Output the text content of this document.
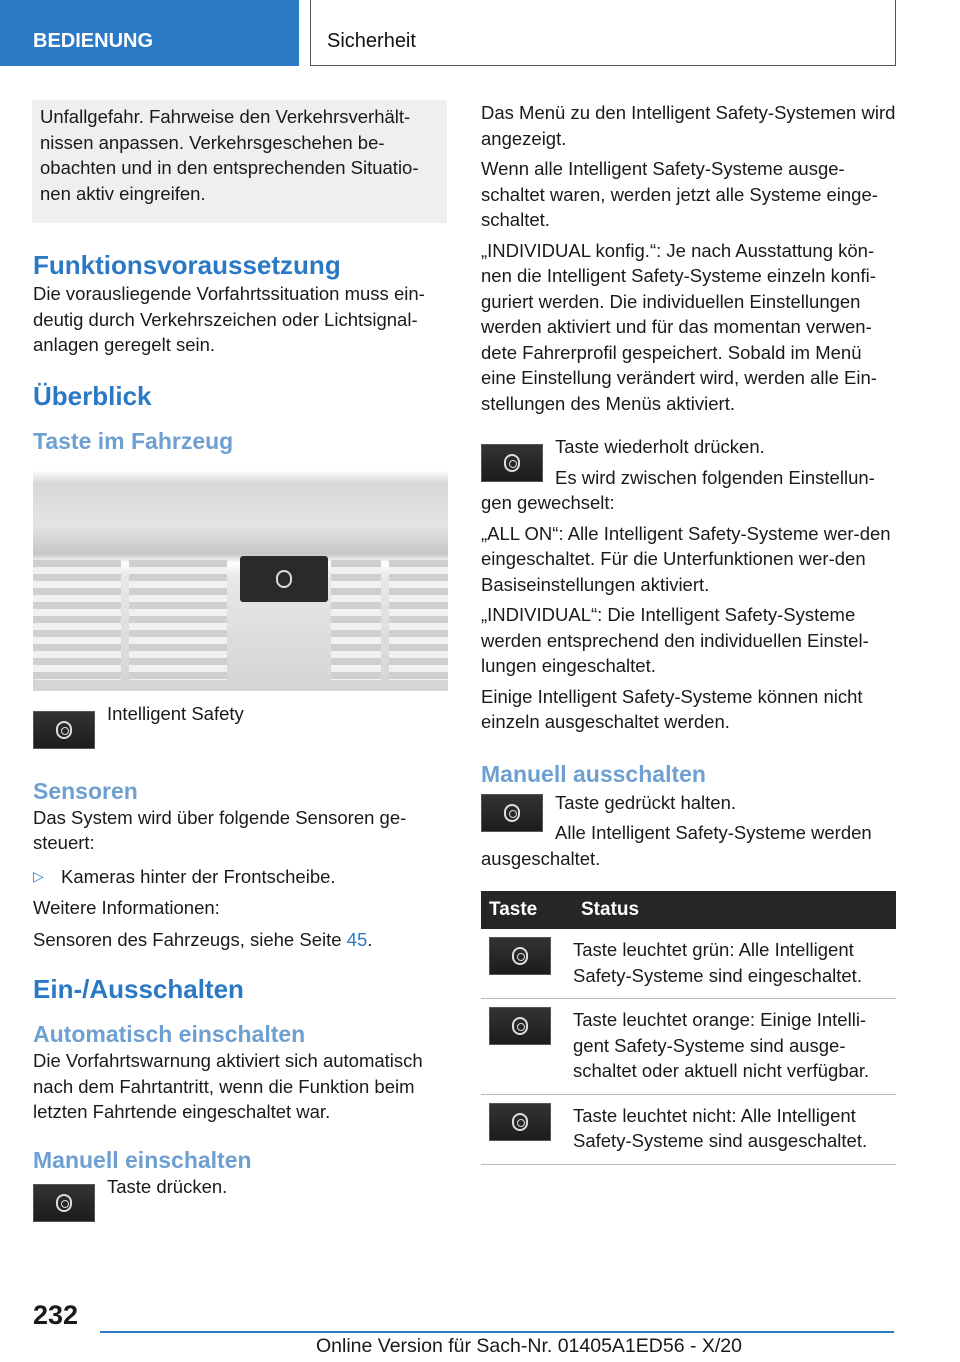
BEDIENUNG	Sicherheit

Unfallgefahr. Fahrweise den Verkehrsverhält-nissen anpassen. Verkehrsgeschehen be-obachten und in den entsprechenden Situatio-nen aktiv eingreifen.

Funktionsvoraussetzung

Die vorausliegende Vorfahrtssituation muss ein-deutig durch Verkehrszeichen oder Lichtsignal-anlagen geregelt sein.

Überblick
Taste im Fahrzeug

Intelligent Safety

Sensoren

Das System wird über folgende Sensoren ge-steuert:

▷ Kameras hinter der Frontscheibe.

Weitere Informationen:

Sensoren des Fahrzeugs, siehe Seite 45.

Ein-/Ausschalten
Automatisch einschalten

Die Vorfahrtswarnung aktiviert sich automatisch nach dem Fahrtantritt, wenn die Funktion beim letzten Fahrtende eingeschaltet war.

Manuell einschalten

Taste drücken.

Das Menü zu den Intelligent Safety-Systemen wird angezeigt.

Wenn alle Intelligent Safety-Systeme ausge-schaltet waren, werden jetzt alle Systeme einge-schaltet.

„INDIVIDUAL konfig.“: Je nach Ausstattung kön-nen die Intelligent Safety-Systeme einzeln konfi-guriert werden. Die individuellen Einstellungen werden aktiviert und für das momentan verwen-dete Fahrerprofil gespeichert. Sobald im Menü eine Einstellung verändert wird, werden alle Ein-stellungen des Menüs aktiviert.

Taste wiederholt drücken.

Es wird zwischen folgenden Einstellun-

gen gewechselt:

„ALL ON“: Alle Intelligent Safety-Systeme wer-den eingeschaltet. Für die Unterfunktionen wer-den Basiseinstellungen aktiviert.

„INDIVIDUAL“: Die Intelligent Safety-Systeme werden entsprechend den individuellen Einstel-lungen eingeschaltet.

Einige Intelligent Safety-Systeme können nicht einzeln ausgeschaltet werden.

Manuell ausschalten

Taste gedrückt halten.

Alle Intelligent Safety-Systeme werden

ausgeschaltet.

Taste	Status

	Taste leuchtet grün: Alle Intelligent Safety-Systeme sind eingeschaltet.

	Taste leuchtet orange: Einige Intelli-gent Safety-Systeme sind ausge-schaltet oder aktuell nicht verfügbar.

	Taste leuchtet nicht: Alle Intelligent Safety-Systeme sind ausgeschaltet.
232
Online Version für Sach-Nr. 01405A1ED56 - X/20
